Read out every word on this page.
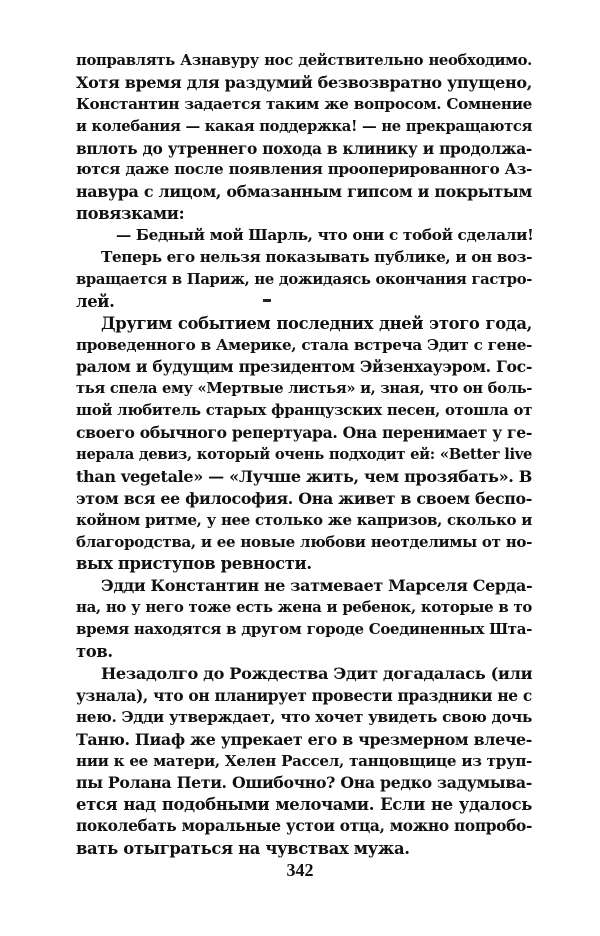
поправлять Азнавуру нос действительно необходимо.
Хотя время для раздумий безвозвратно упущено,
Константин задается таким же вопросом. Сомнение
и колебания — какая поддержка! — не прекращаются
вплоть до утреннего похода в клинику и продолжа-
ются даже после появления прооперированного Аз-
навура с лицом, обмазанным гипсом и покрытым
повязками:
— Бедный мой Шарль, что они с тобой сделали!
Теперь его нельзя показывать публике, и он воз-
вращается в Париж, не дожидаясь окончания гастро-
лей.
Другим событием последних дней этого года,
проведенного в Америке, стала встреча Эдит с гене-
ралом и будущим президентом Эйзенхауэром. Гос-
тья спела ему «Мертвые листья» и, зная, что он боль-
шой любитель старых французских песен, отошла от
своего обычного репертуара. Она перенимает у ге-
нерала девиз, который очень подходит ей: «Better live
than vegetale» — «Лучше жить, чем прозябать». В
этом вся ее философия. Она живет в своем беспо-
койном ритме, у нее столько же капризов, сколько и
благородства, и ее новые любови неотделимы от но-
вых приступов ревности.
Эдди Константин не затмевает Марселя Серда-
на, но у него тоже есть жена и ребенок, которые в то
время находятся в другом городе Соединенных Шта-
тов.
Незадолго до Рождества Эдит догадалась (или
узнала), что он планирует провести праздники не с
нею. Эдди утверждает, что хочет увидеть свою дочь
Таню. Пиаф же упрекает его в чрезмерном влече-
нии к ее матери, Хелен Рассел, танцовщице из труп-
пы Ролана Пети. Ошибочно? Она редко задумыва-
ется над подобными мелочами. Если не удалось
поколебать моральные устои отца, можно попробо-
вать отыграться на чувствах мужа.
342
